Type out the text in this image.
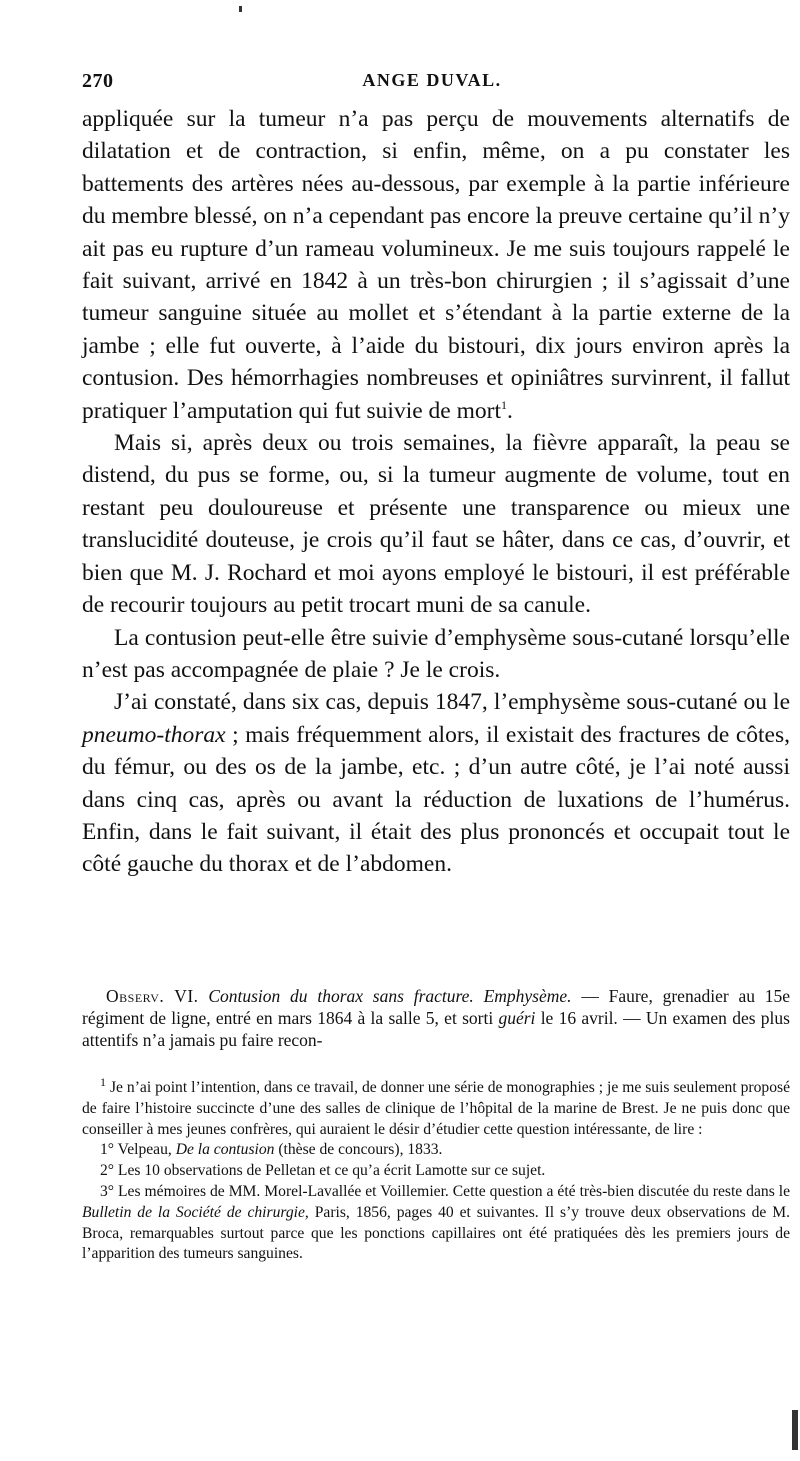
270	ANGE DUVAL.

appliquée sur la tumeur n’a pas perçu de mouvements alternatifs de dilatation et de contraction, si enfin, même, on a pu constater les battements des artères nées au-dessous, par exemple à la partie inférieure du membre blessé, on n’a cependant pas encore la preuve certaine qu’il n’y ait pas eu rupture d’un rameau volumineux. Je me suis toujours rappelé le fait suivant, arrivé en 1842 à un très-bon chirurgien ; il s’agissait d’une tumeur sanguine située au mollet et s’étendant à la partie externe de la jambe ; elle fut ouverte, à l’aide du bistouri, dix jours environ après la contusion. Des hémorrhagies nombreuses et opiniâtres survinrent, il fallut pratiquer l’amputation qui fut suivie de mort$^1$.

Mais si, après deux ou trois semaines, la fièvre apparaît, la peau se distend, du pus se forme, ou, si la tumeur augmente de volume, tout en restant peu douloureuse et présente une transparence ou mieux une translucidité douteuse, je crois qu’il faut se hâter, dans ce cas, d’ouvrir, et bien que M. J. Rochard et moi ayons employé le bistouri, il est préférable de recourir toujours au petit trocart muni de sa canule.

La contusion peut-elle être suivie d’emphysème sous-cutané lorsqu’elle n’est pas accompagnée de plaie ? Je le crois.

J’ai constaté, dans six cas, depuis 1847, l’emphysème sous-cutané ou le pneumo-thorax ; mais fréquemment alors, il existait des fractures de côtes, du fémur, ou des os de la jambe, etc. ; d’un autre côté, je l’ai noté aussi dans cinq cas, après ou avant la réduction de luxations de l’humérus. Enfin, dans le fait suivant, il était des plus prononcés et occupait tout le côté gauche du thorax et de l’abdomen.

Observ. VI. Contusion du thorax sans fracture. Emphysème. — Faure, grenadier au 15e régiment de ligne, entré en mars 1864 à la salle 5, et sorti guéri le 16 avril. — Un examen des plus attentifs n’a jamais pu faire recon-

$^1$ Je n’ai point l’intention, dans ce travail, de donner une série de monographies ; je me suis seulement proposé de faire l’histoire succincte d’une des salles de clinique de l’hôpital de la marine de Brest. Je ne puis donc que conseiller à mes jeunes confrères, qui auraient le désir d’étudier cette question intéressante, de lire :

1° Velpeau, De la contusion (thèse de concours), 1833.

2° Les 10 observations de Pelletan et ce qu’a écrit Lamotte sur ce sujet.

3° Les mémoires de MM. Morel-Lavallée et Voillemier. Cette question a été très-bien discutée du reste dans le Bulletin de la Société de chirurgie, Paris, 1856, pages 40 et suivantes. Il s’y trouve deux observations de M. Broca, remarquables surtout parce que les ponctions capillaires ont été pratiquées dès les premiers jours de l’apparition des tumeurs sanguines.
